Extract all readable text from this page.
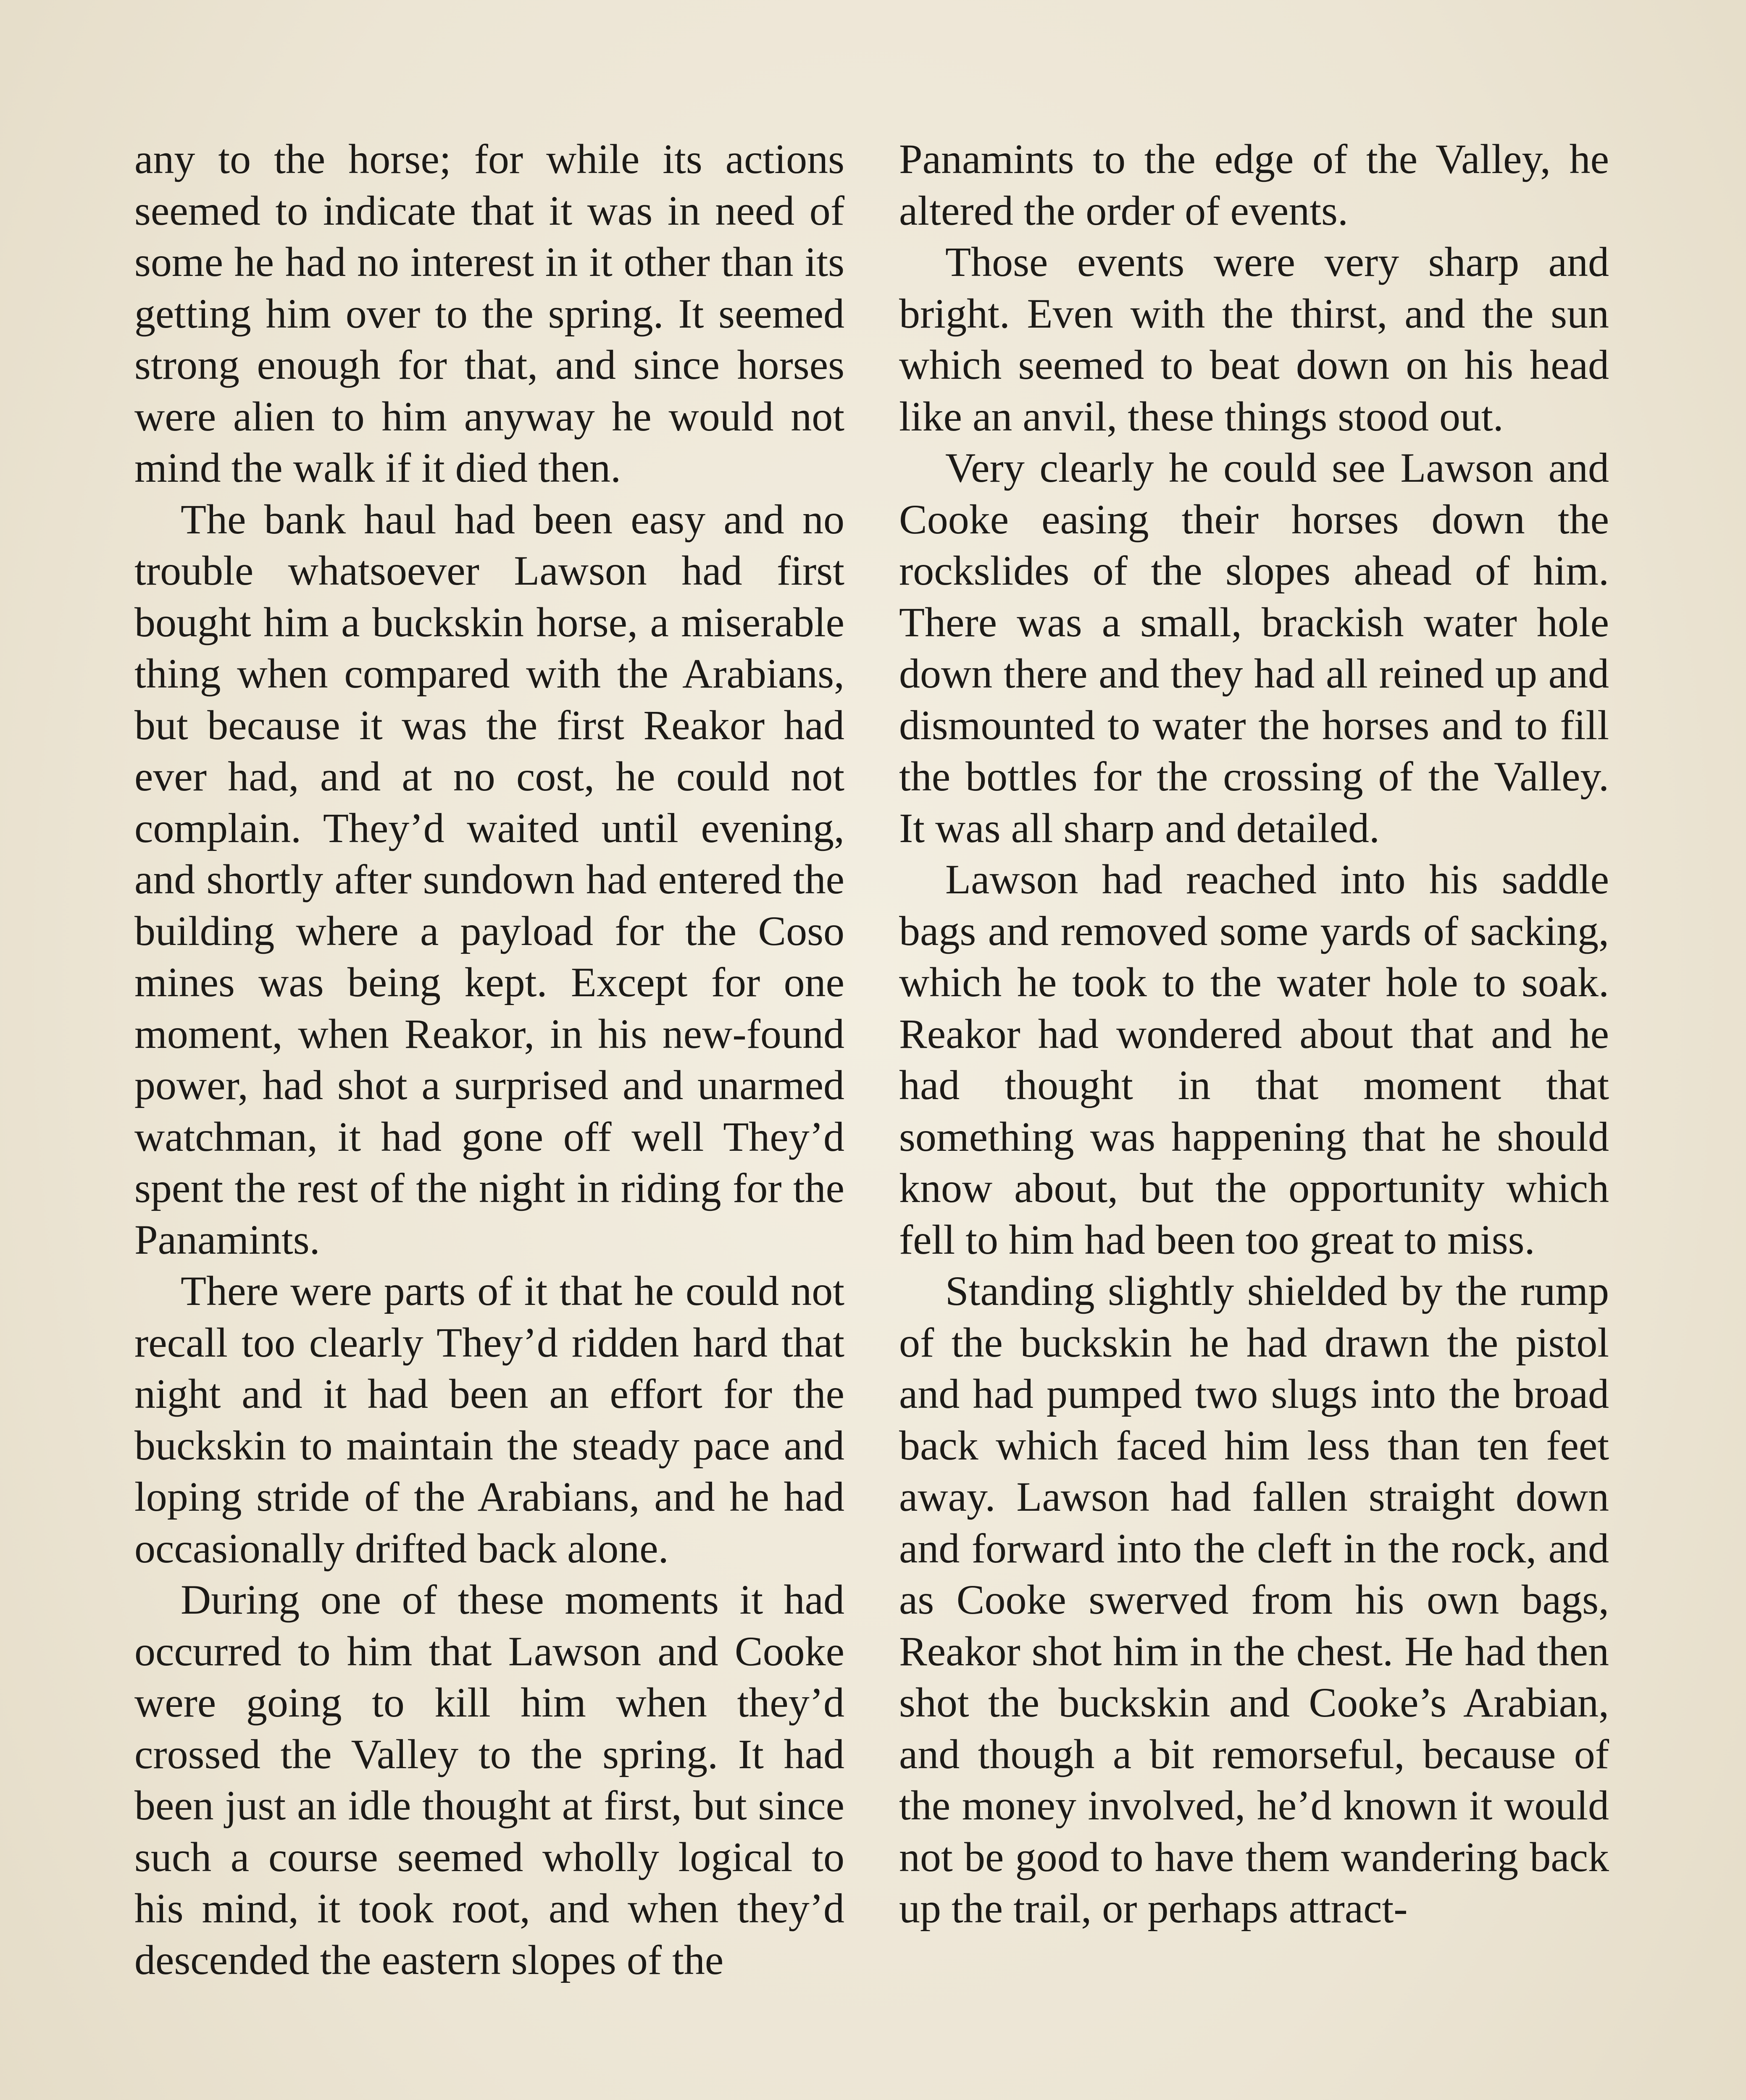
any to the horse; for while its actions seemed to indicate that it was in need of some he had no interest in it other than its getting him over to the spring. It seemed strong enough for that, and since horses were alien to him anyway he would not mind the walk if it died then.

The bank haul had been easy and no trouble whatsoever Lawson had first bought him a buckskin horse, a miserable thing when compared with the Arabians, but because it was the first Reakor had ever had, and at no cost, he could not complain. They’d waited until evening, and shortly after sundown had entered the building where a payload for the Coso mines was being kept. Except for one moment, when Reakor, in his new-found power, had shot a surprised and unarmed watchman, it had gone off well They’d spent the rest of the night in riding for the Panamints.

There were parts of it that he could not recall too clearly They’d ridden hard that night and it had been an effort for the buckskin to maintain the steady pace and loping stride of the Arabians, and he had occasionally drifted back alone.

During one of these moments it had occurred to him that Lawson and Cooke were going to kill him when they’d crossed the Valley to the spring. It had been just an idle thought at first, but since such a course seemed wholly logical to his mind, it took root, and when they’d descended the eastern slopes of the

Panamints to the edge of the Valley, he altered the order of events.

Those events were very sharp and bright. Even with the thirst, and the sun which seemed to beat down on his head like an anvil, these things stood out.

Very clearly he could see Lawson and Cooke easing their horses down the rockslides of the slopes ahead of him. There was a small, brackish water hole down there and they had all reined up and dismounted to water the horses and to fill the bottles for the crossing of the Valley. It was all sharp and detailed.

Lawson had reached into his saddle bags and removed some yards of sacking, which he took to the water hole to soak. Reakor had wondered about that and he had thought in that moment that something was happening that he should know about, but the opportunity which fell to him had been too great to miss.

Standing slightly shielded by the rump of the buckskin he had drawn the pistol and had pumped two slugs into the broad back which faced him less than ten feet away. Lawson had fallen straight down and forward into the cleft in the rock, and as Cooke swerved from his own bags, Reakor shot him in the chest. He had then shot the buckskin and Cooke’s Arabian, and though a bit remorseful, because of the money involved, he’d known it would not be good to have them wandering back up the trail, or perhaps attract-
